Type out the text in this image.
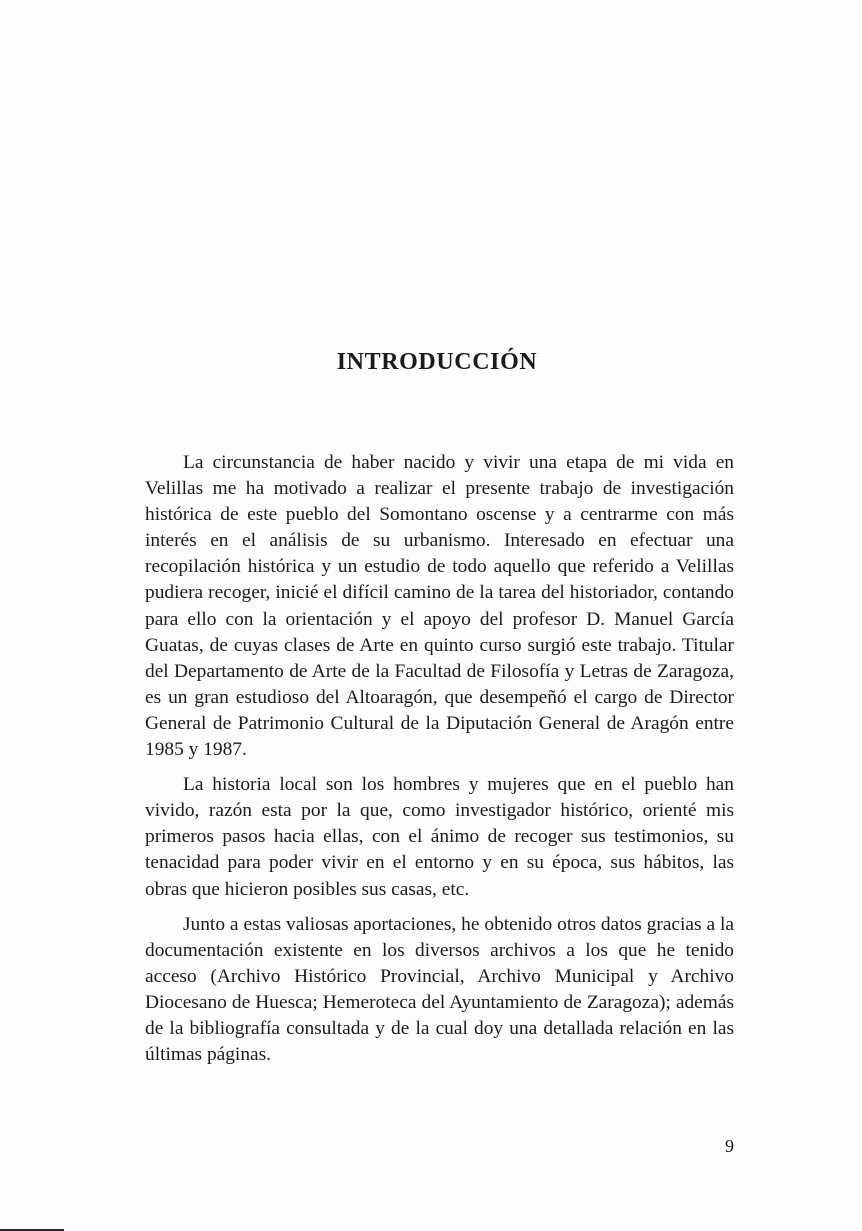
INTRODUCCIÓN

La circunstancia de haber nacido y vivir una etapa de mi vida en Velillas me ha motivado a realizar el presente trabajo de investigación histórica de este pueblo del Somontano oscense y a centrarme con más interés en el análisis de su urbanismo. Interesado en efectuar una recopilación histórica y un estudio de todo aquello que referido a Velillas pudiera recoger, inicié el difícil camino de la tarea del historiador, contando para ello con la orientación y el apoyo del profesor D. Manuel García Guatas, de cuyas clases de Arte en quinto curso surgió este trabajo. Titular del Departamento de Arte de la Facultad de Filosofía y Letras de Zaragoza, es un gran estudioso del Altoaragón, que desempeñó el cargo de Director General de Patrimonio Cultural de la Diputación General de Aragón entre 1985 y 1987.

La historia local son los hombres y mujeres que en el pueblo han vivido, razón esta por la que, como investigador histórico, orienté mis primeros pasos hacia ellas, con el ánimo de recoger sus testimonios, su tenacidad para poder vivir en el entorno y en su época, sus hábitos, las obras que hicieron posibles sus casas, etc.

Junto a estas valiosas aportaciones, he obtenido otros datos gracias a la documentación existente en los diversos archivos a los que he tenido acceso (Archivo Histórico Provincial, Archivo Municipal y Archivo Diocesano de Huesca; Hemeroteca del Ayuntamiento de Zaragoza); además de la bibliografía consultada y de la cual doy una detallada relación en las últimas páginas.

9
